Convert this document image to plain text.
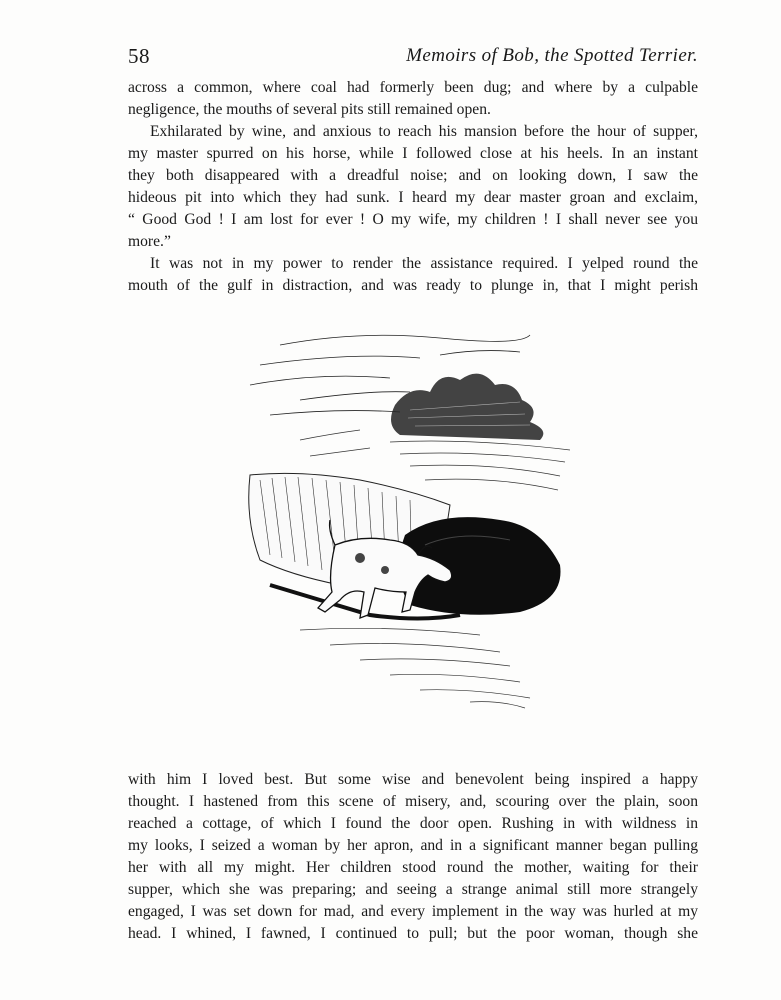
58	Memoirs of Bob, the Spotted Terrier.
across a common, where coal had formerly been dug; and where by a culpable
negligence, the mouths of several pits still remained open.
Exhilarated by wine, and anxious to reach his mansion before the hour of supper,
my master spurred on his horse, while I followed close at his heels. In an instant
they both disappeared with a dreadful noise; and on looking down, I saw the
hideous pit into which they had sunk. I heard my dear master groan and exclaim,
“ Good God ! I am lost for ever ! O my wife, my children ! I shall never see you
more.”
It was not in my power to render the assistance required. I yelped round the
mouth of the gulf in distraction, and was ready to plunge in, that I might perish
with him I loved best. But some wise and benevolent being inspired a happy
thought. I hastened from this scene of misery, and, scouring over the plain, soon
reached a cottage, of which I found the door open. Rushing in with wildness in
my looks, I seized a woman by her apron, and in a significant manner began pulling
her with all my might. Her children stood round the mother, waiting for their
supper, which she was preparing; and seeing a strange animal still more strangely
engaged, I was set down for mad, and every implement in the way was hurled at my
head. I whined, I fawned, I continued to pull; but the poor woman, though she
